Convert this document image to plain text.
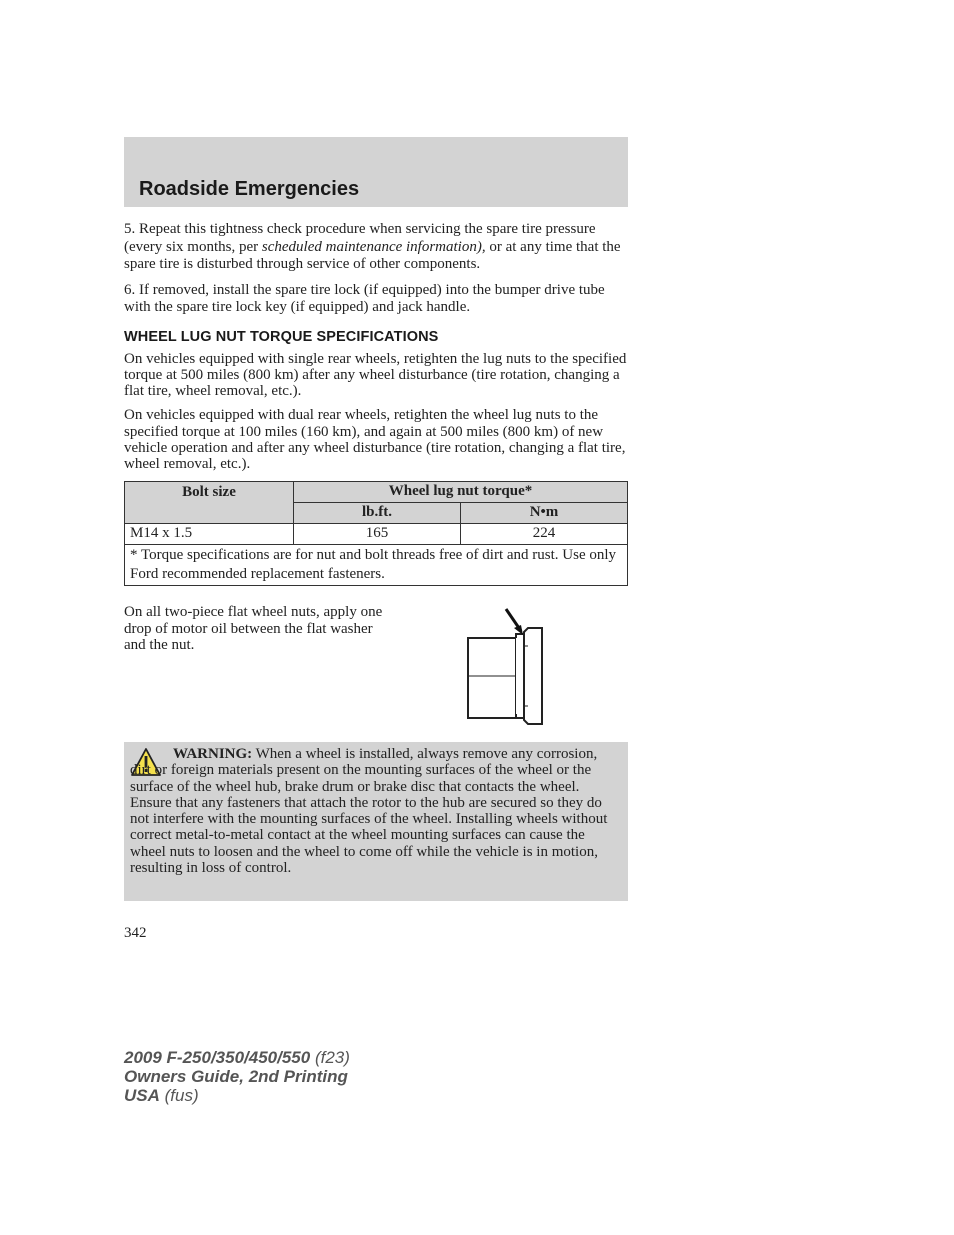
Roadside Emergencies

5. Repeat this tightness check procedure when servicing the spare tire pressure (every six months, per scheduled maintenance information), or at any time that the spare tire is disturbed through service of other components.

6. If removed, install the spare tire lock (if equipped) into the bumper drive tube with the spare tire lock key (if equipped) and jack handle.

WHEEL LUG NUT TORQUE SPECIFICATIONS

On vehicles equipped with single rear wheels, retighten the lug nuts to the specified torque at 500 miles (800 km) after any wheel disturbance (tire rotation, changing a flat tire, wheel removal, etc.).

On vehicles equipped with dual rear wheels, retighten the wheel lug nuts to the specified torque at 100 miles (160 km), and again at 500 miles (800 km) of new vehicle operation and after any wheel disturbance (tire rotation, changing a flat tire, wheel removal, etc.).

Bolt size	Wheel lug nut torque*	
	lb.ft.	N•m
M14 x 1.5	165	224
* Torque specifications are for nut and bolt threads free of dirt and rust. Use only Ford recommended replacement fasteners.		
On all two-piece flat wheel nuts, apply one drop of motor oil between the flat washer and the nut.
WARNING: When a wheel is installed, always remove any corrosion, dirt or foreign materials present on the mounting surfaces of the wheel or the surface of the wheel hub, brake drum or brake disc that contacts the wheel. Ensure that any fasteners that attach the rotor to the hub are secured so they do not interfere with the mounting surfaces of the wheel. Installing wheels without correct metal-to-metal contact at the wheel mounting surfaces can cause the wheel nuts to loosen and the wheel to come off while the vehicle is in motion, resulting in loss of control.
342
2009 F-250/350/450/550 (f23)
Owners Guide, 2nd Printing
USA (fus)
